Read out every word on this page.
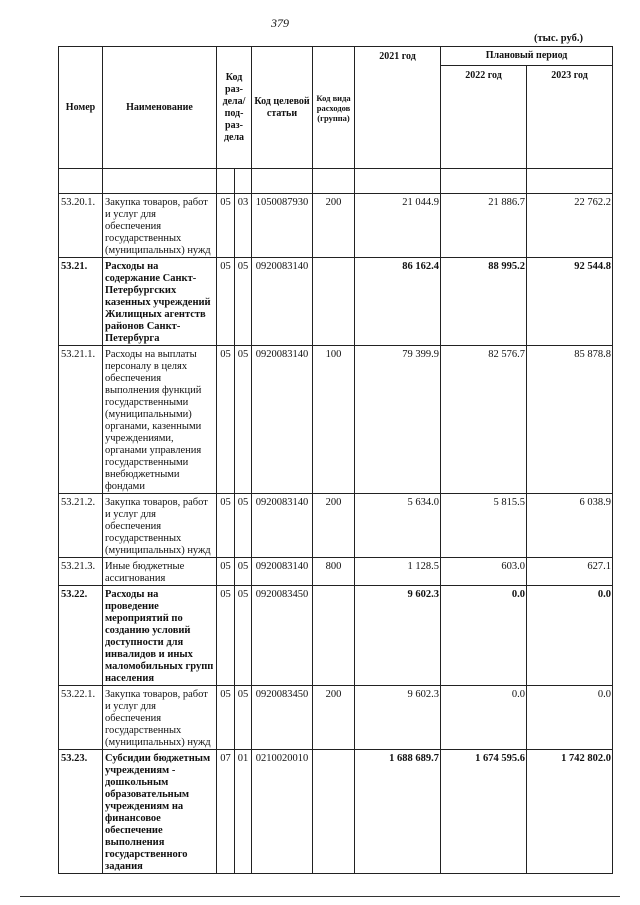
379
(тыс. руб.)
Номер	Наименование	Код раз- дела/ под- раз- дела		Код целевой статьи	Код вида расходов (группа)	2021 год	Плановый период	
							2022 год	2023 год

53.20.1.	Закупка товаров, работ и услуг для обеспечения государственных (муниципальных) нужд	05	03	1050087930	200	21 044.9	21 886.7	22 762.2
53.21.	Расходы на содержание Санкт-Петербургских казенных учреждений Жилищных агентств районов Санкт-Петербурга	05	05	0920083140		86 162.4	88 995.2	92 544.8
53.21.1.	Расходы на выплаты персоналу в целях обеспечения выполнения функций государственными (муниципальными) органами, казенными учреждениями, органами управления государственными внебюджетными фондами	05	05	0920083140	100	79 399.9	82 576.7	85 878.8
53.21.2.	Закупка товаров, работ и услуг для обеспечения государственных (муниципальных) нужд	05	05	0920083140	200	5 634.0	5 815.5	6 038.9
53.21.3.	Иные бюджетные ассигнования	05	05	0920083140	800	1 128.5	603.0	627.1
53.22.	Расходы на проведение мероприятий по созданию условий доступности для инвалидов и иных маломобильных групп населения	05	05	0920083450		9 602.3	0.0	0.0
53.22.1.	Закупка товаров, работ и услуг для обеспечения государственных (муниципальных) нужд	05	05	0920083450	200	9 602.3	0.0	0.0
53.23.	Субсидии бюджетным учреждениям - дошкольным образовательным учреждениям на финансовое обеспечение выполнения государственного задания	07	01	0210020010		1 688 689.7	1 674 595.6	1 742 802.0
